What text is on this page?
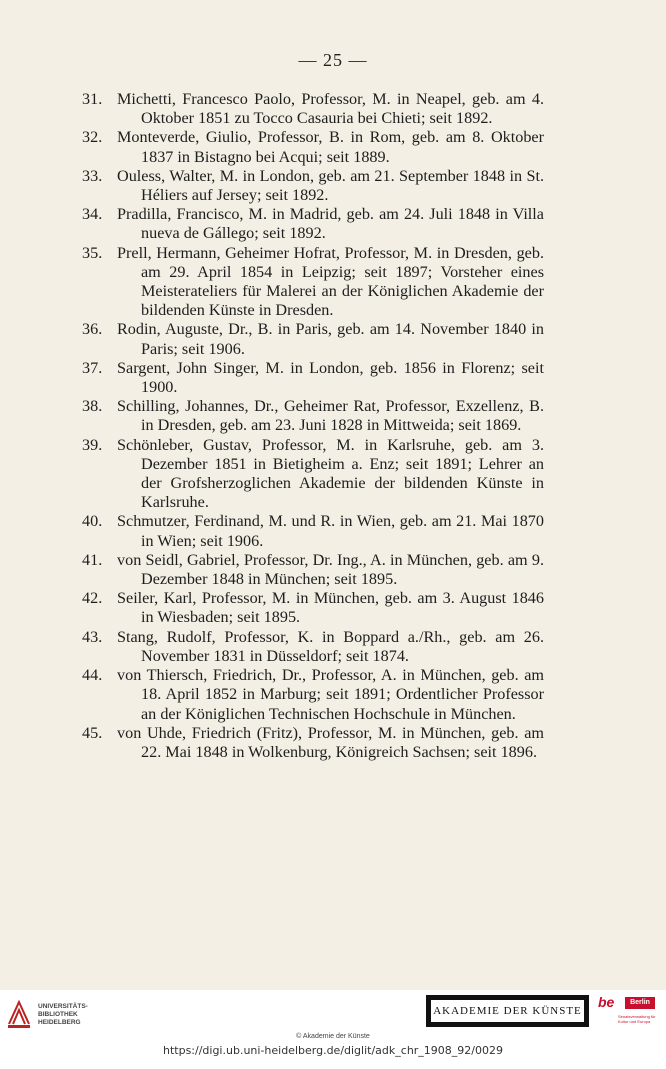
— 25 —
31. Michetti, Francesco Paolo, Professor, M. in Neapel, geb. am 4. Oktober 1851 zu Tocco Casauria bei Chieti; seit 1892.
32. Monteverde, Giulio, Professor, B. in Rom, geb. am 8. Oktober 1837 in Bistagno bei Acqui; seit 1889.
33. Ouless, Walter, M. in London, geb. am 21. September 1848 in St. Héliers auf Jersey; seit 1892.
34. Pradilla, Francisco, M. in Madrid, geb. am 24. Juli 1848 in Villa nueva de Gállego; seit 1892.
35. Prell, Hermann, Geheimer Hofrat, Professor, M. in Dresden, geb. am 29. April 1854 in Leipzig; seit 1897; Vorsteher eines Meisterateliers für Malerei an der Königlichen Akademie der bildenden Künste in Dresden.
36. Rodin, Auguste, Dr., B. in Paris, geb. am 14. November 1840 in Paris; seit 1906.
37. Sargent, John Singer, M. in London, geb. 1856 in Florenz; seit 1900.
38. Schilling, Johannes, Dr., Geheimer Rat, Professor, Exzellenz, B. in Dresden, geb. am 23. Juni 1828 in Mittweida; seit 1869.
39. Schönleber, Gustav, Professor, M. in Karlsruhe, geb. am 3. Dezember 1851 in Bietigheim a. Enz; seit 1891; Lehrer an der Grofsherzoglichen Akademie der bildenden Künste in Karlsruhe.
40. Schmutzer, Ferdinand, M. und R. in Wien, geb. am 21. Mai 1870 in Wien; seit 1906.
41. von Seidl, Gabriel, Professor, Dr. Ing., A. in München, geb. am 9. Dezember 1848 in München; seit 1895.
42. Seiler, Karl, Professor, M. in München, geb. am 3. August 1846 in Wiesbaden; seit 1895.
43. Stang, Rudolf, Professor, K. in Boppard a./Rh., geb. am 26. November 1831 in Düsseldorf; seit 1874.
44. von Thiersch, Friedrich, Dr., Professor, A. in München, geb. am 18. April 1852 in Marburg; seit 1891; Ordentlicher Professor an der Königlichen Technischen Hochschule in München.
45. von Uhde, Friedrich (Fritz), Professor, M. in München, geb. am 22. Mai 1848 in Wolkenburg, Königreich Sachsen; seit 1896.
UNIVERSITÄTS-
BIBLIOTHEK
HEIDELBERG
AKADEMIE DER KÜNSTE
be	Berlin
Senatsverwaltung für Kultur und Europa
© Akademie der Künste
https://digi.ub.uni-heidelberg.de/diglit/adk_chr_1908_92/0029
